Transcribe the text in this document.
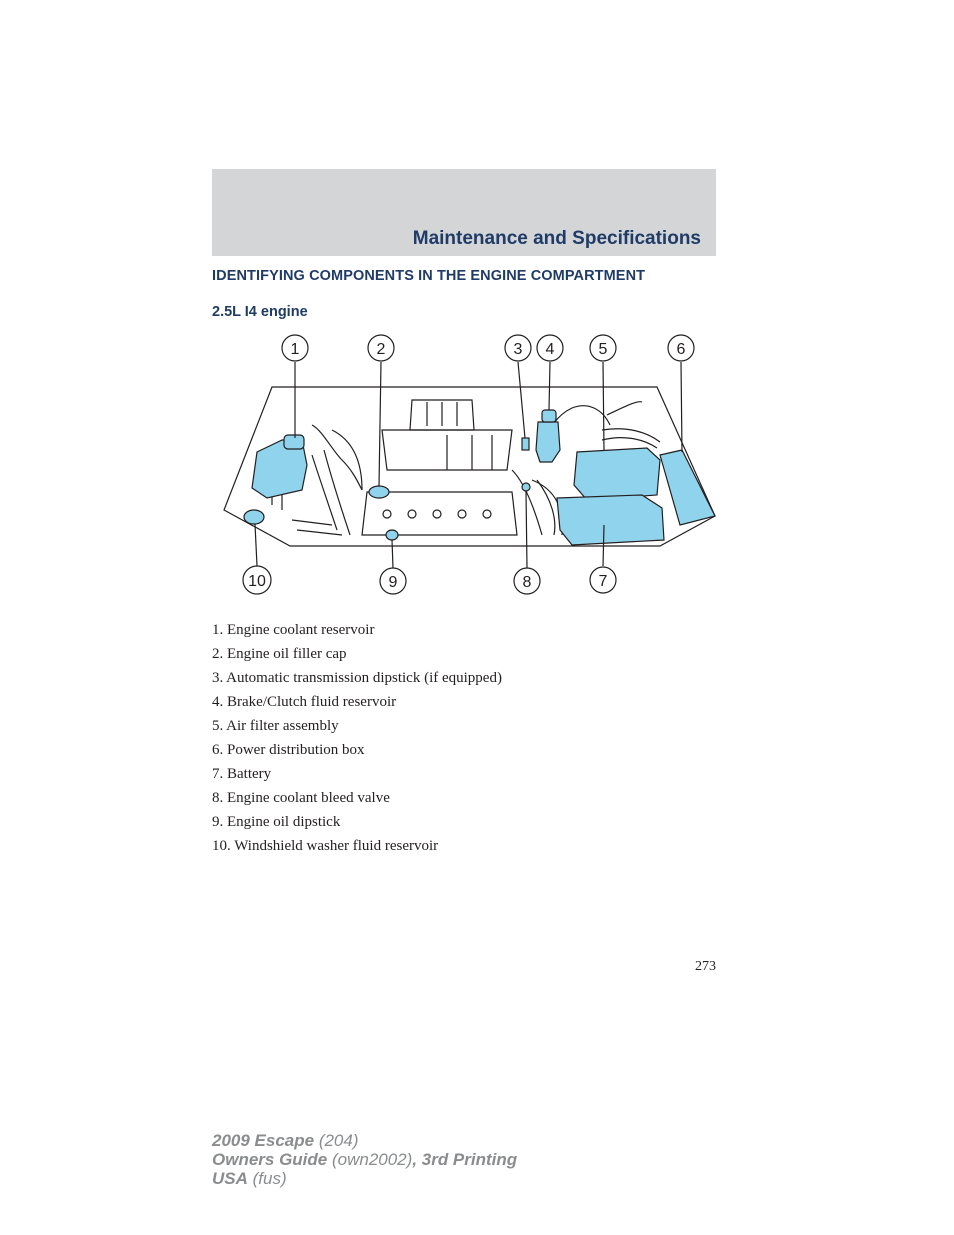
Maintenance and Specifications
IDENTIFYING COMPONENTS IN THE ENGINE COMPARTMENT
2.5L I4 engine
1	2	3 4	5	6
7
8
9
10
1. Engine coolant reservoir
2. Engine oil filler cap
3. Automatic transmission dipstick (if equipped)
4. Brake/Clutch fluid reservoir
5. Air filter assembly
6. Power distribution box
7. Battery
8. Engine coolant bleed valve
9. Engine oil dipstick
10. Windshield washer fluid reservoir
273
2009 Escape (204)
Owners Guide (own2002), 3rd Printing
USA (fus)
